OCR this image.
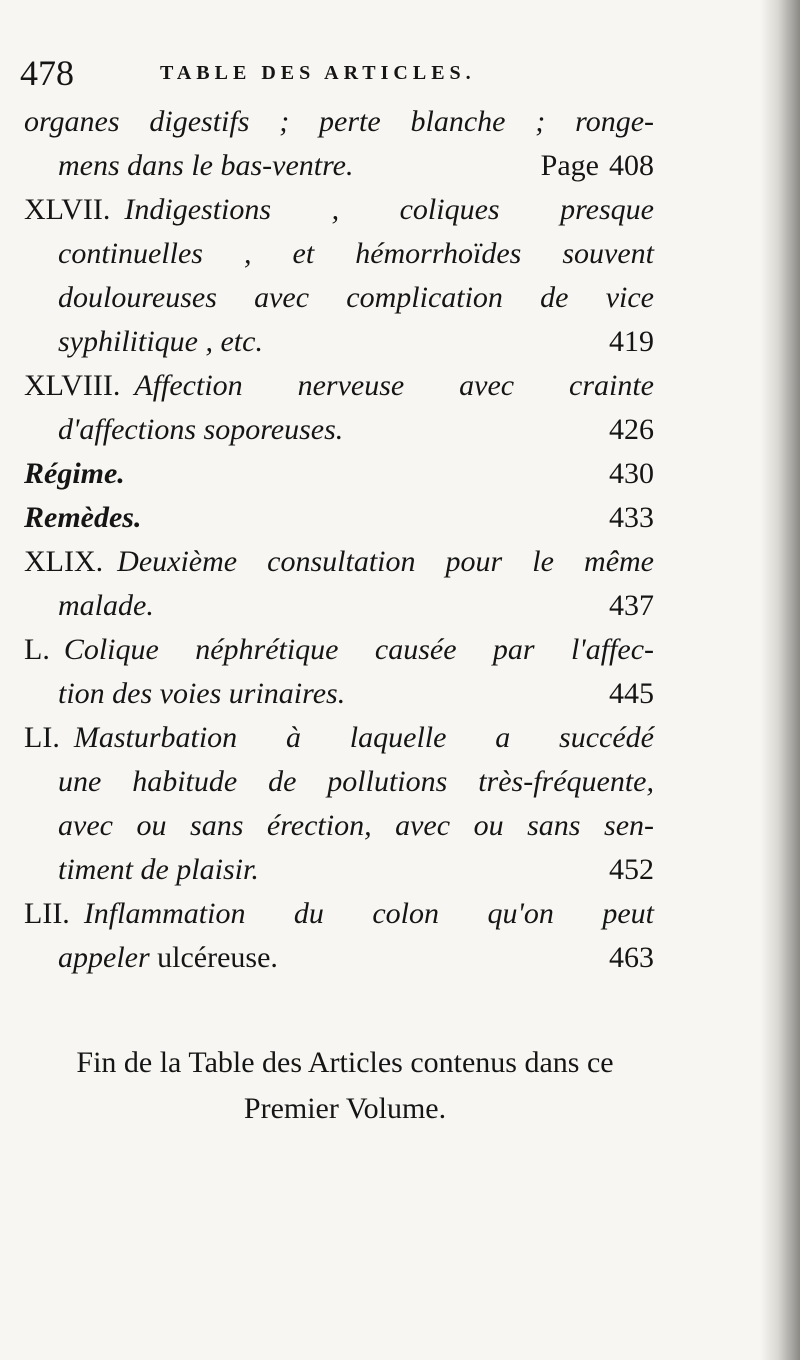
478	TABLE DES ARTICLES.
organes digestifs ; perte blanche ; ronge-
mens dans le bas-ventre.	Page 408
XLVII. Indigestions , coliques presque
continuelles , et hémorrhoïdes souvent
douloureuses avec complication de vice
syphilitique , etc.	419
XLVIII. Affection nerveuse avec crainte
d'affections soporeuses.	426
Régime.	430
Remèdes.	433
XLIX. Deuxième consultation pour le même
malade.	437
L. Colique néphrétique causée par l'affec-
tion des voies urinaires.	445
LI. Masturbation à laquelle a succédé
une habitude de pollutions très-fréquente,
avec ou sans érection, avec ou sans sen-
timent de plaisir.	452
LII. Inflammation du colon qu'on peut
appeler ulcéreuse.	463
Fin de la Table des Articles contenus dans ce
Premier Volume.
